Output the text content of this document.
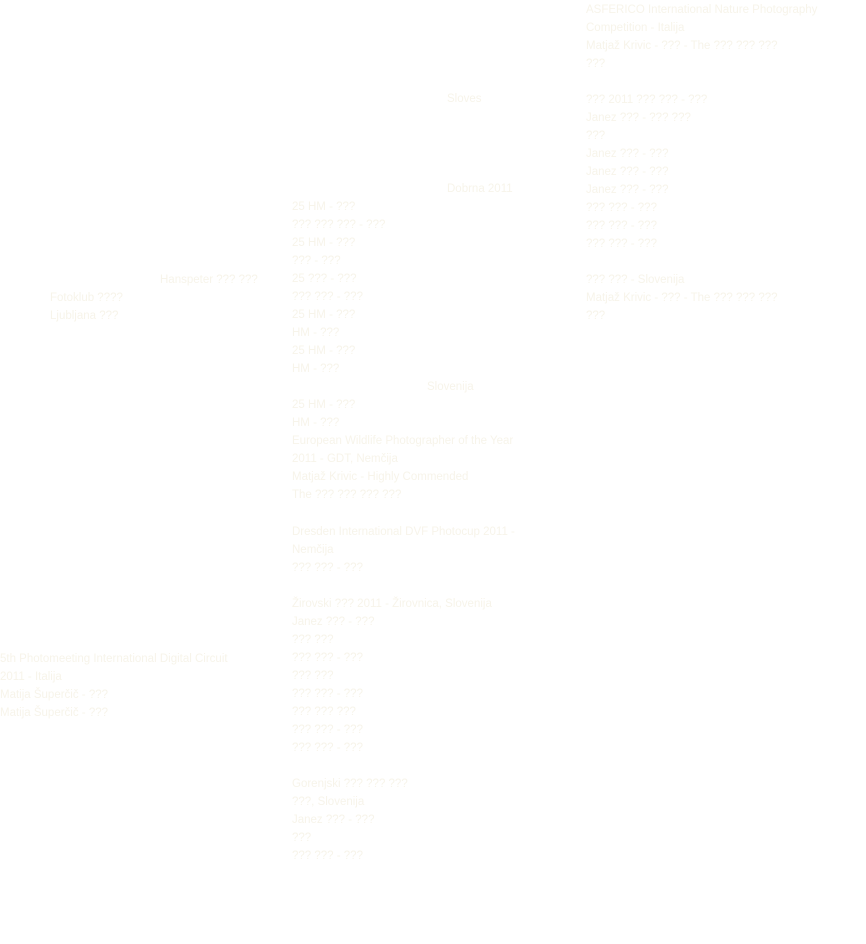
Hanspeter ??? ???
Fotoklub ????
Ljubljana ???
5th Photomeeting International Digital Circuit
2011 - Italija
Matija Šuperčič - ???
Matija Šuperčič - ???
Sloves
Dobrna 2011
25 HM - ???
??? ??? ??? - ???
25 HM - ???
??? - ???
25 ??? - ???
??? ??? - ???
25 HM - ???
HM - ???
25 HM - ???
HM - ???
Slovenija
25 HM - ???
HM - ???
European Wildlife Photographer of the Year
2011 - GDT, Nemčija
Matjaž Krivic - Highly Commended
The ??? ??? ??? ???
Dresden International DVF Photocup 2011 -
Nemčija
??? ??? - ???
Žirovski ??? 2011 - Žirovnica, Slovenija
Janez ??? - ???
??? ???
??? ??? - ???
??? ???
??? ??? - ???
??? ??? ???
??? ??? - ???
??? ??? - ???
Gorenjski ??? ??? ???
???, Slovenija
Janez ??? - ???
???
??? ??? - ???
ASFERICO International Nature Photography
Competition - Italija
Matjaž Krivic - ??? - The ??? ??? ???
???
??? 2011 ??? ??? - ???
Janez ??? - ??? ???
???
Janez ??? - ???
Janez ??? - ???
Janez ??? - ???
??? ??? - ???
??? ??? - ???
??? ??? - ???
??? ??? - Slovenija
Matjaž Krivic - ??? - The ??? ??? ???
???
